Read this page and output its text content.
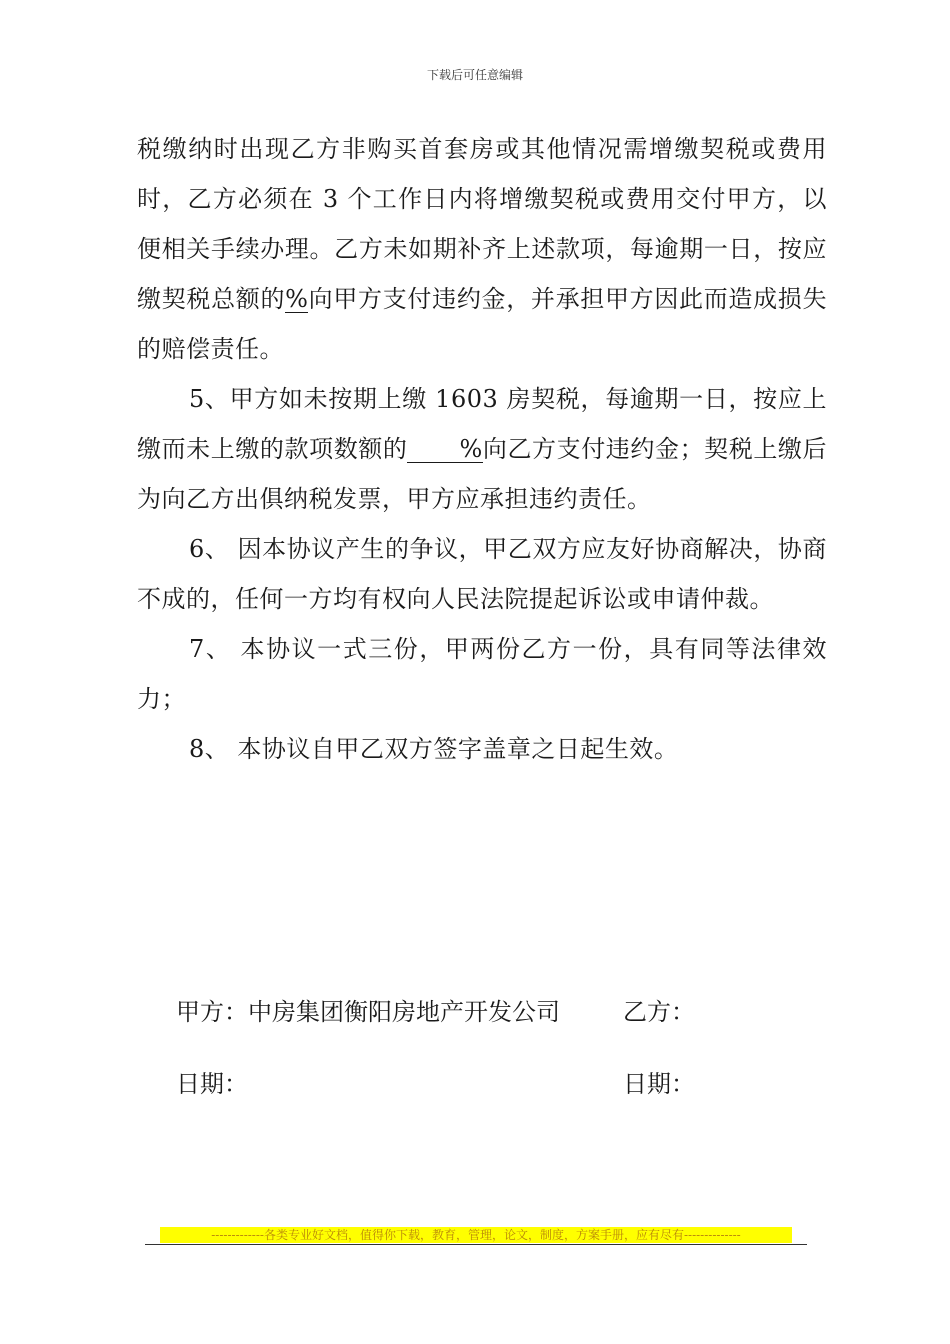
下载后可任意编辑

税缴纳时出现乙方非购买首套房或其他情况需增缴契税或费用时，乙方必须在 3 个工作日内将增缴契税或费用交付甲方，以便相关手续办理。乙方未如期补齐上述款项，每逾期一日，按应缴契税总额的%向甲方支付违约金，并承担甲方因此而造成损失的赔偿责任。

5、甲方如未按期上缴 1603 房契税，每逾期一日，按应上缴而未上缴的款项数额的%向乙方支付违约金；契税上缴后为向乙方出俱纳税发票，甲方应承担违约责任。

6、 因本协议产生的争议，甲乙双方应友好协商解决，协商不成的，任何一方均有权向人民法院提起诉讼或申请仲裁。

7、 本协议一式三份，甲两份乙方一份，具有同等法律效力；

8、 本协议自甲乙双方签字盖章之日起生效。

甲方：中房集团衡阳房地产开发公司	乙方：
日期：	日期：
-------------各类专业好文档，值得你下载，教育，管理，论文，制度，方案手册，应有尽有--------------
